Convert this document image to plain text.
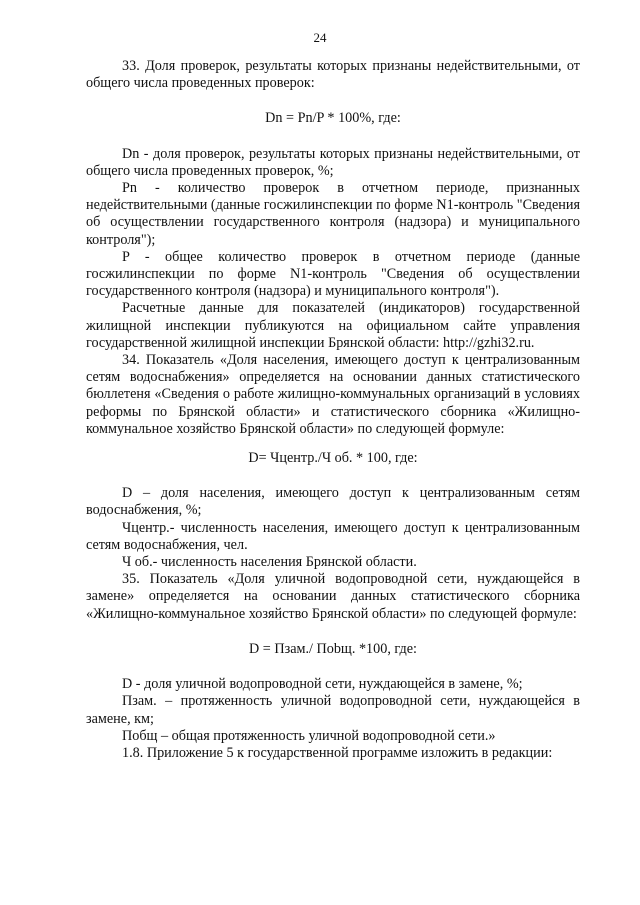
24

33. Доля проверок, результаты которых признаны недействительными, от общего числа проведенных проверок:

Dn = Pn/P * 100%, где:

Dn - доля проверок, результаты которых признаны недействительными, от общего числа проведенных проверок, %;

Pn - количество проверок в отчетном периоде, признанных недействительными (данные госжилинспекции по форме N1-контроль "Сведения об осуществлении государственного контроля (надзора) и муниципального контроля");

P - общее количество проверок в отчетном периоде (данные госжилинспекции по форме N1-контроль "Сведения об осуществлении государственного контроля (надзора) и муниципального контроля").

Расчетные данные для показателей (индикаторов) государственной жилищной инспекции публикуются на официальном сайте управления государственной жилищной инспекции Брянской области: http://gzhi32.ru.

34. Показатель «Доля населения, имеющего доступ к централизованным сетям водоснабжения» определяется на основании данных статистического бюллетеня «Сведения о работе жилищно-коммунальных организаций в условиях реформы по Брянской области» и статистического сборника «Жилищно-коммунальное хозяйство Брянской области» по следующей формуле:

D= Чцентр./Ч об. * 100, где:

D – доля населения, имеющего доступ к централизованным сетям водоснабжения, %;

Чцентр.- численность населения, имеющего доступ к централизованным сетям водоснабжения, чел.

Ч об.- численность населения Брянской области.

35. Показатель «Доля уличной водопроводной сети, нуждающейся в замене» определяется на основании данных статистического сборника «Жилищно-коммунальное хозяйство Брянской области» по следующей формуле:

D = Пзам./ Пobщ. *100, где:

D - доля уличной водопроводной сети, нуждающейся в замене, %;

Пзам. – протяженность уличной водопроводной сети, нуждающейся в замене, км;

Побщ – общая протяженность уличной водопроводной сети.»

1.8. Приложение 5 к государственной программе изложить в редакции:
